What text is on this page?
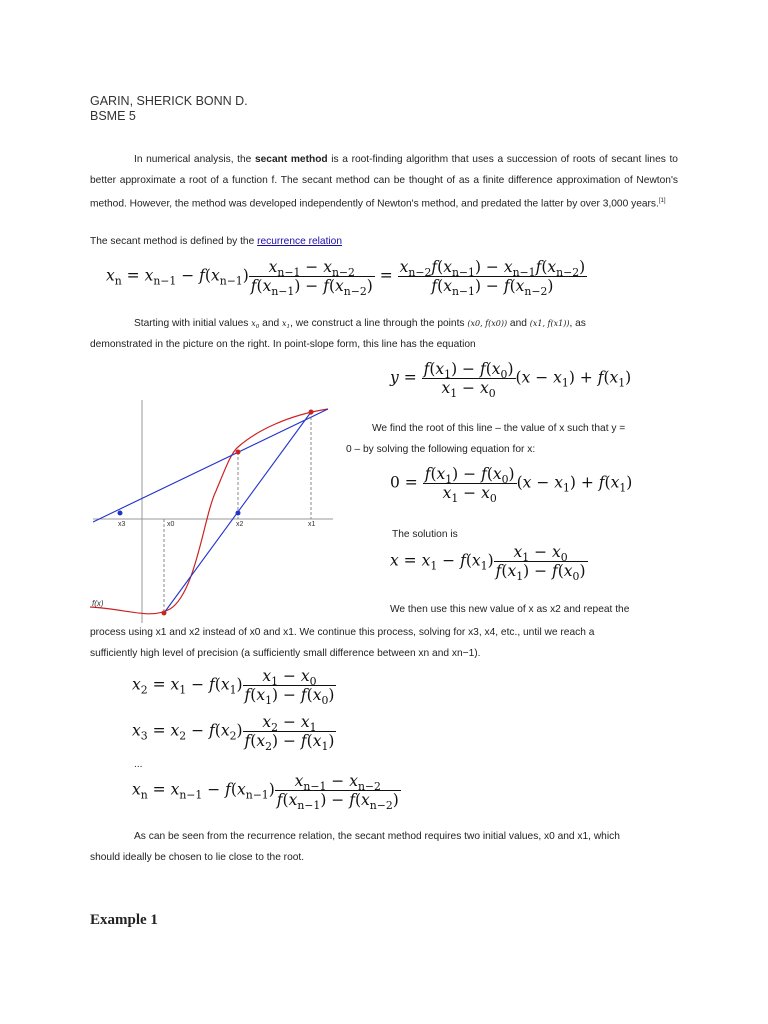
GARIN, SHERICK BONN D.
BSME 5
In numerical analysis, the secant method is a root-finding algorithm that uses a succession of roots of secant lines to better approximate a root of a function f. The secant method can be thought of as a finite difference approximation of Newton's method. However, the method was developed independently of Newton's method, and predated the latter by over 3,000 years.[1]
The secant method is defined by the recurrence relation
$x_n = x_{n-1} - f(x_{n-1}) \frac{x_{n-1} - x_{n-2}}{f(x_{n-1}) - f(x_{n-2})} = \frac{x_{n-2}f(x_{n-1}) - x_{n-1}f(x_{n-2})}{f(x_{n-1}) - f(x_{n-2})}$
Starting with initial values $x_0$ and $x_1$, we construct a line through the points (x0, f(x0)) and (x1, f(x1)), as
demonstrated in the picture on the right. In point-slope form, this line has the equation
$y = \frac{f(x_1) - f(x_0)}{x_1 - x_0} (x - x_1) + f(x_1)$
x3	x0	x2	x1
f(x)
We find the root of this line – the value of x such that y =
0 – by solving the following equation for x:
$0 = \frac{f(x_1) - f(x_0)}{x_1 - x_0} (x - x_1) + f(x_1)$
The solution is
$x = x_1 - f(x_1) \frac{x_1 - x_0}{f(x_1) - f(x_0)}$
We then use this new value of x as x2 and repeat the
process using x1 and x2 instead of x0 and x1. We continue this process, solving for x3, x4, etc., until we reach a
sufficiently high level of precision (a sufficiently small difference between xn and xn−1).
$x_2 = x_1 - f(x_1) \frac{x_1 - x_0}{f(x_1) - f(x_0)}$
$x_3 = x_2 - f(x_2) \frac{x_2 - x_1}{f(x_2) - f(x_1)}$
...
$x_n = x_{n-1} - f(x_{n-1}) \frac{x_{n-1} - x_{n-2}}{f(x_{n-1}) - f(x_{n-2})}$
As can be seen from the recurrence relation, the secant method requires two initial values, x0 and x1, which
should ideally be chosen to lie close to the root.
Example 1
